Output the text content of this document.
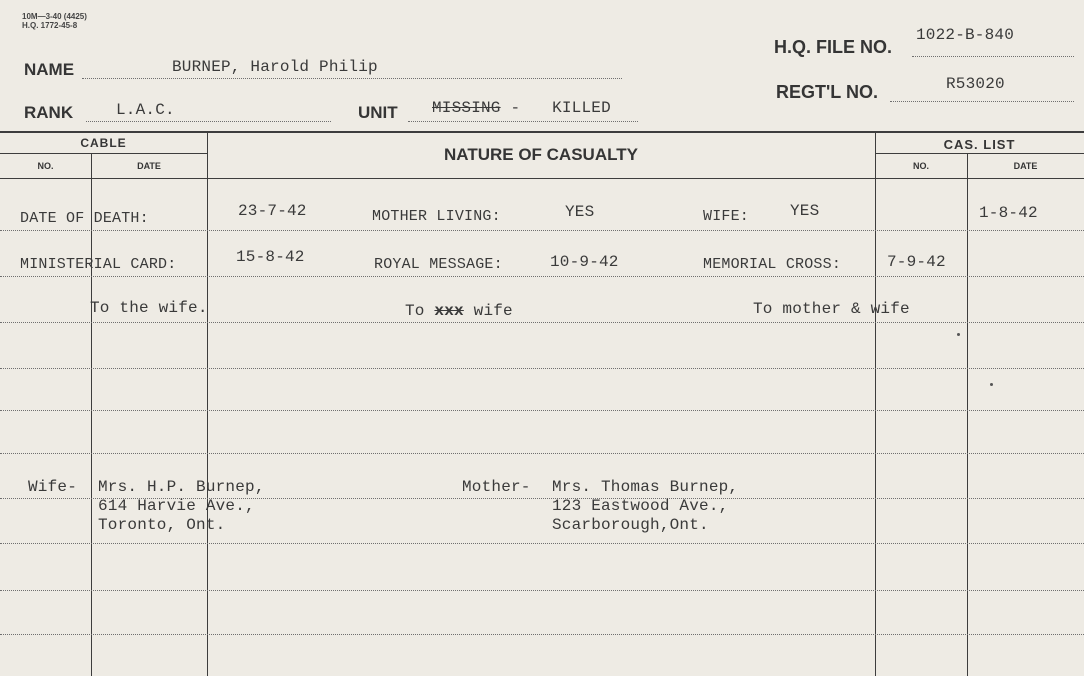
10M—3-40 (4425)
H.Q. 1772-45-8
NAME	BURNEP, Harold Philip
RANK	L.A.C.	UNIT MISSING - KILLED
H.Q. FILE NO.
1022-B-840
REGT'L NO.	R53020
CABLE
NO.	DATE
NATURE OF CASUALTY
CAS. LIST
NO.	DATE
DATE OF DEATH:	23-7-42	MOTHER LIVING:	YES	WIFE:	YES	1-8-42
MINISTERIAL CARD:	15-8-42	ROYAL MESSAGE:	10-9-42	MEMORIAL CROSS:	7-9-42
To the wife.	To xxx wife	To mother & wife
Wife- Mrs. H.P. Burnep,
614 Harvie Ave.,
Toronto, Ont.
Mother- Mrs. Thomas Burnep,
123 Eastwood Ave.,
Scarborough,Ont.
